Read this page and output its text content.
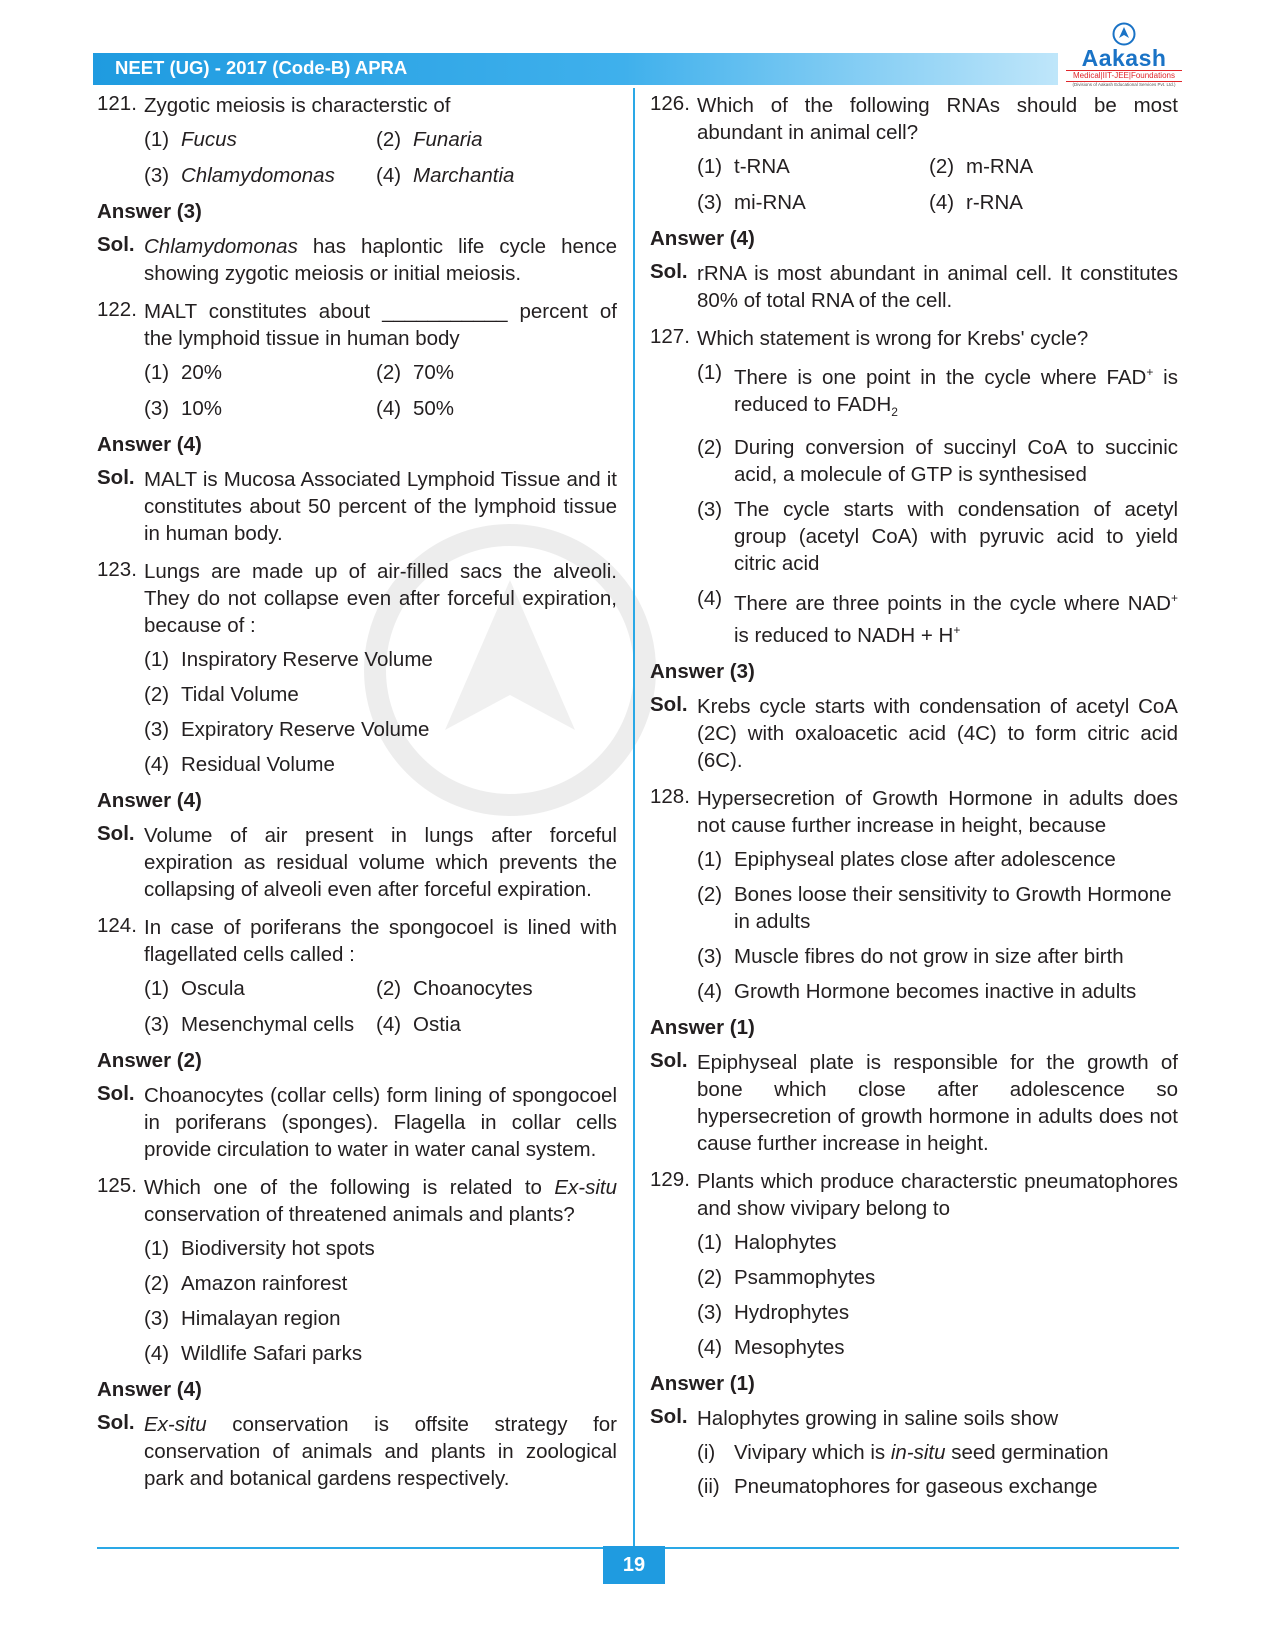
NEET (UG) - 2017 (Code-B) APRA	Aakash
Medical|IIT-JEE|Foundations
(Divisions of Aakash Educational Services Pvt. Ltd.)
121. Zygotic meiosis is characterstic of
(1) Fucus	(2) Funaria
(3) Chlamydomonas	(4) Marchantia
Answer (3)
Sol. Chlamydomonas has haplontic life cycle hence showing zygotic meiosis or initial meiosis.
122. MALT constitutes about ___________ percent of the lymphoid tissue in human body
(1) 20%	(2) 70%
(3) 10%	(4) 50%
Answer (4)
Sol. MALT is Mucosa Associated Lymphoid Tissue and it constitutes about 50 percent of the lymphoid tissue in human body.
123. Lungs are made up of air-filled sacs the alveoli. They do not collapse even after forceful expiration, because of :
(1) Inspiratory Reserve Volume
(2) Tidal Volume
(3) Expiratory Reserve Volume
(4) Residual Volume
Answer (4)
Sol. Volume of air present in lungs after forceful expiration as residual volume which prevents the collapsing of alveoli even after forceful expiration.
124. In case of poriferans the spongocoel is lined with flagellated cells called :
(1) Oscula	(2) Choanocytes
(3) Mesenchymal cells	(4) Ostia
Answer (2)
Sol. Choanocytes (collar cells) form lining of spongocoel in poriferans (sponges). Flagella in collar cells provide circulation to water in water canal system.
125. Which one of the following is related to Ex-situ conservation of threatened animals and plants?
(1) Biodiversity hot spots
(2) Amazon rainforest
(3) Himalayan region
(4) Wildlife Safari parks
Answer (4)
Sol. Ex-situ conservation is offsite strategy for conservation of animals and plants in zoological park and botanical gardens respectively.
126. Which of the following RNAs should be most abundant in animal cell?
(1) t-RNA	(2) m-RNA
(3) mi-RNA	(4) r-RNA
Answer (4)
Sol. rRNA is most abundant in animal cell. It constitutes 80% of total RNA of the cell.
127. Which statement is wrong for Krebs' cycle?
(1) There is one point in the cycle where FAD+ is reduced to $FADH_2$
(2) During conversion of succinyl CoA to succinic acid, a molecule of GTP is synthesised
(3) The cycle starts with condensation of acetyl group (acetyl CoA) with pyruvic acid to yield citric acid
(4) There are three points in the cycle where NAD+ is reduced to NADH + H+
Answer (3)
Sol. Krebs cycle starts with condensation of acetyl CoA (2C) with oxaloacetic acid (4C) to form citric acid (6C).
128. Hypersecretion of Growth Hormone in adults does not cause further increase in height, because
(1) Epiphyseal plates close after adolescence
(2) Bones loose their sensitivity to Growth Hormone in adults
(3) Muscle fibres do not grow in size after birth
(4) Growth Hormone becomes inactive in adults
Answer (1)
Sol. Epiphyseal plate is responsible for the growth of bone which close after adolescence so hypersecretion of growth hormone in adults does not cause further increase in height.
129. Plants which produce characterstic pneumatophores and show vivipary belong to
(1) Halophytes
(2) Psammophytes
(3) Hydrophytes
(4) Mesophytes
Answer (1)
Sol. Halophytes growing in saline soils show
(i) Vivipary which is in-situ seed germination
(ii) Pneumatophores for gaseous exchange
19
